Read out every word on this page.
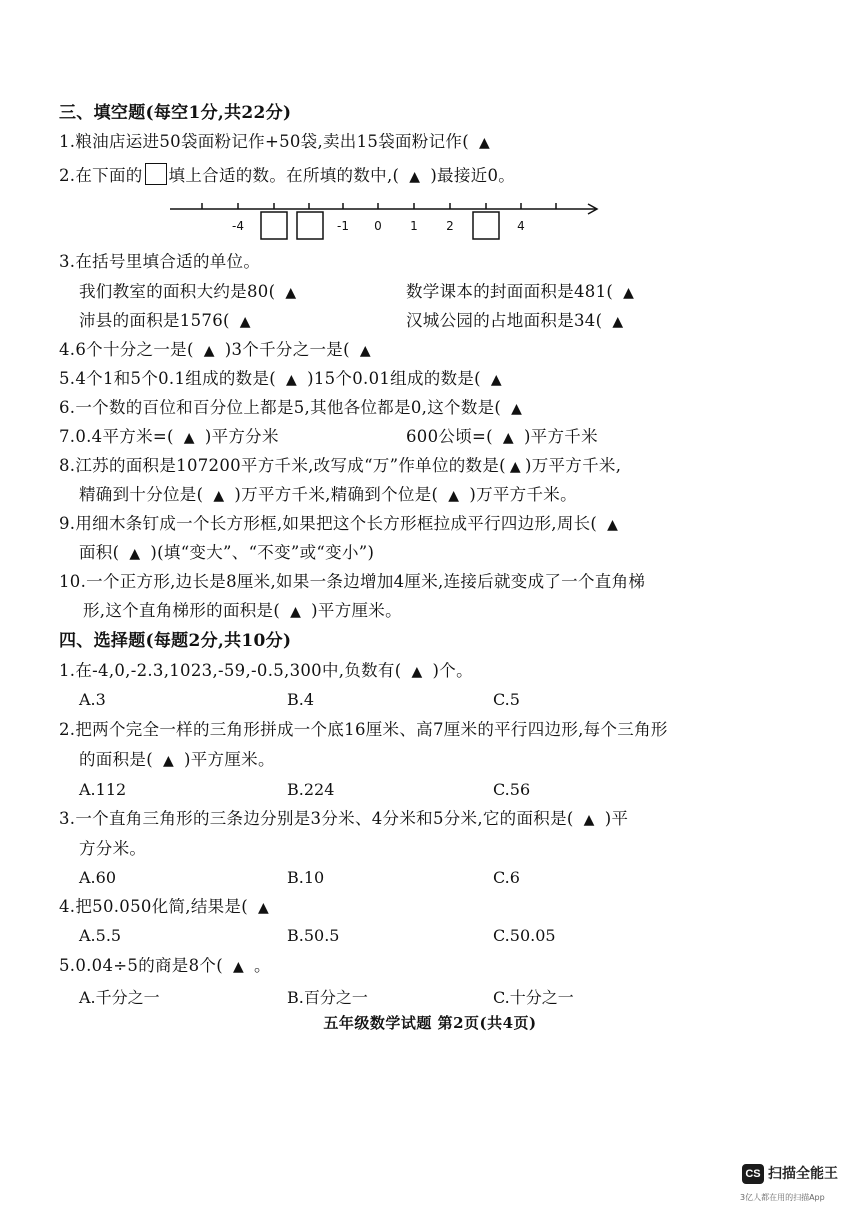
三、填空题(每空1分,共22分)
1.粮油店运进50袋面粉记作+50袋,卖出15袋面粉记作( ▲
2.在下面的 填上合适的数。在所填的数中,( ▲ )最接近0。
-4	-1 0 1 2	4
3.在括号里填合适的单位。
我们教室的面积大约是80( ▲	数学课本的封面面积是481( ▲
沛县的面积是1576( ▲	汉城公园的占地面积是34( ▲
4.6个十分之一是( ▲ )3个千分之一是( ▲
5.4个1和5个0.1组成的数是( ▲ )15个0.01组成的数是( ▲
6.一个数的百位和百分位上都是5,其他各位都是0,这个数是( ▲
7.0.4平方米=( ▲ )平方分米	600公顷=( ▲ )平方千米
8.江苏的面积是107200平方千米,改写成“万”作单位的数是( ▲ )万平方千米,
精确到十分位是( ▲ )万平方千米,精确到个位是( ▲ )万平方千米。
9.用细木条钉成一个长方形框,如果把这个长方形框拉成平行四边形,周长( ▲
面积( ▲ )(填“变大”、“不变”或“变小”)
10.一个正方形,边长是8厘米,如果一条边增加4厘米,连接后就变成了一个直角梯
形,这个直角梯形的面积是( ▲ )平方厘米。
四、选择题(每题2分,共10分)
1.在-4,0,-2.3,1023,-59,-0.5,300中,负数有( ▲ )个。
A.3	B.4	C.5
2.把两个完全一样的三角形拼成一个底16厘米、高7厘米的平行四边形,每个三角形
的面积是( ▲ )平方厘米。
A.112	B.224	C.56
3.一个直角三角形的三条边分别是3分米、4分米和5分米,它的面积是( ▲ )平
方分米。
A.60	B.10	C.6
4.把50.050化简,结果是( ▲
A.5.5	B.50.5	C.50.05
5.0.04÷5的商是8个( ▲ 。
A.千分之一	B.百分之一	C.十分之一
五年级数学试题 第2页(共4页)
CS 扫描全能王
3亿人都在用的扫描App
